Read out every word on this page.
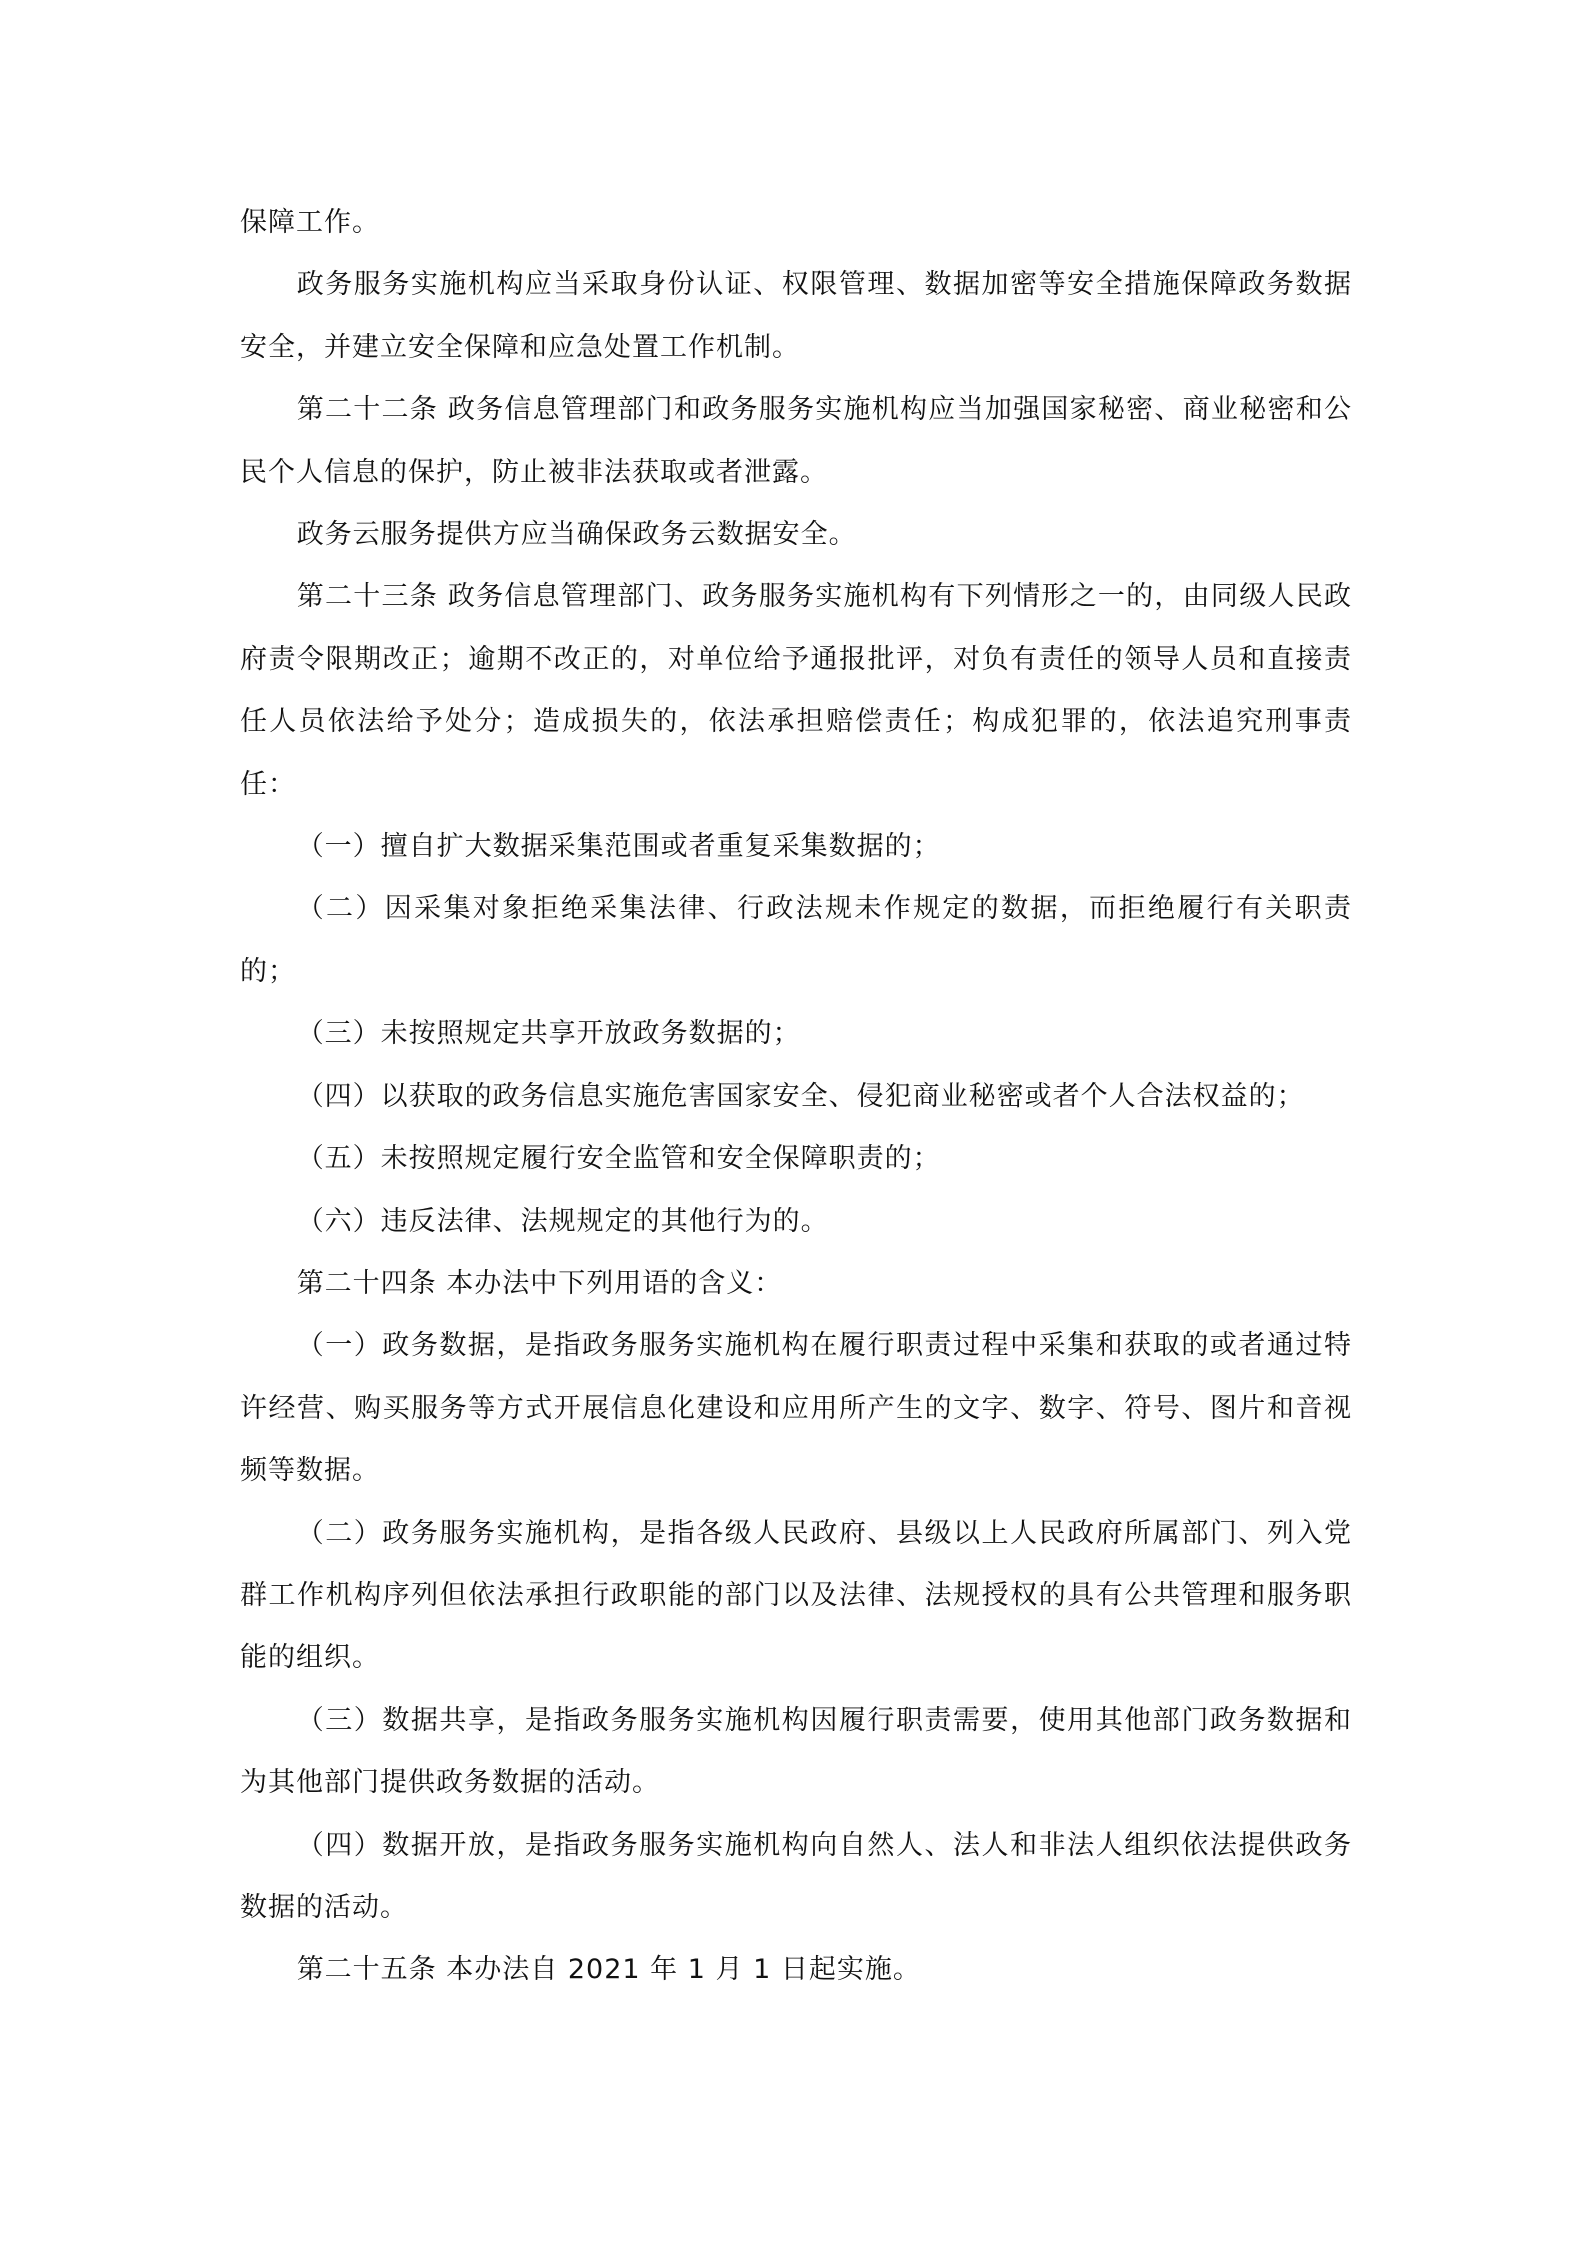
保障工作。

政务服务实施机构应当采取身份认证、权限管理、数据加密等安全措施保障政务数据安全，并建立安全保障和应急处置工作机制。

第二十二条 政务信息管理部门和政务服务实施机构应当加强国家秘密、商业秘密和公民个人信息的保护，防止被非法获取或者泄露。

政务云服务提供方应当确保政务云数据安全。

第二十三条 政务信息管理部门、政务服务实施机构有下列情形之一的，由同级人民政府责令限期改正；逾期不改正的，对单位给予通报批评，对负有责任的领导人员和直接责任人员依法给予处分；造成损失的，依法承担赔偿责任；构成犯罪的，依法追究刑事责任：

（一）擅自扩大数据采集范围或者重复采集数据的；

（二）因采集对象拒绝采集法律、行政法规未作规定的数据，而拒绝履行有关职责的；

（三）未按照规定共享开放政务数据的；

（四）以获取的政务信息实施危害国家安全、侵犯商业秘密或者个人合法权益的；

（五）未按照规定履行安全监管和安全保障职责的；

（六）违反法律、法规规定的其他行为的。

第二十四条 本办法中下列用语的含义：

（一）政务数据，是指政务服务实施机构在履行职责过程中采集和获取的或者通过特许经营、购买服务等方式开展信息化建设和应用所产生的文字、数字、符号、图片和音视频等数据。

（二）政务服务实施机构，是指各级人民政府、县级以上人民政府所属部门、列入党群工作机构序列但依法承担行政职能的部门以及法律、法规授权的具有公共管理和服务职能的组织。

（三）数据共享，是指政务服务实施机构因履行职责需要，使用其他部门政务数据和为其他部门提供政务数据的活动。

（四）数据开放，是指政务服务实施机构向自然人、法人和非法人组织依法提供政务数据的活动。

第二十五条 本办法自 2021 年 1 月 1 日起实施。
